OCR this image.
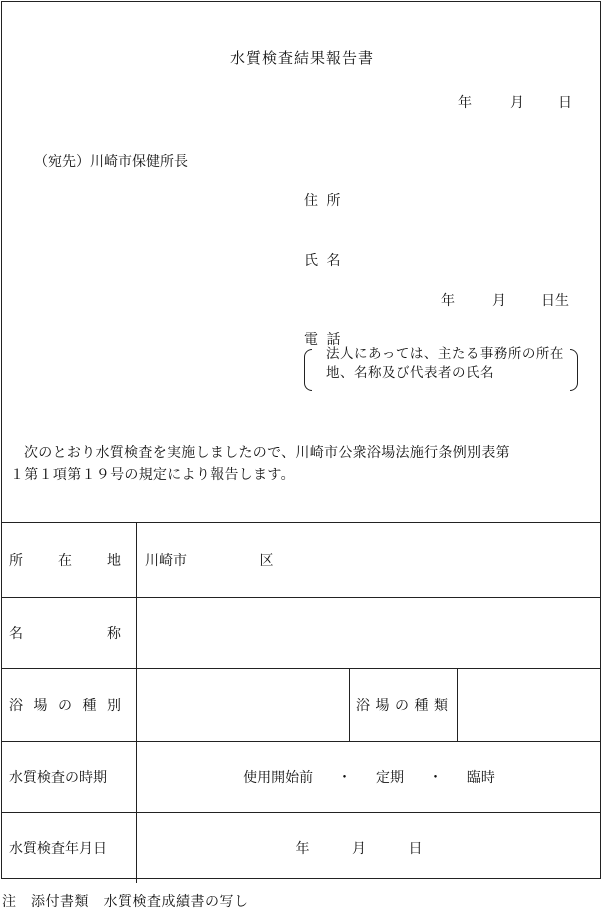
水質検査結果報告書
年	月 日
（宛先）川崎市保健所長
住 所
氏 名
年	月	日生
電 話
法人にあっては、主たる事務所の所在地、名称及び代表者の氏名
次のとおり水質検査を実施しましたので、川崎市公衆浴場法施行条例別表第
１第１項第１９号の規定により報告します。
所 在 地	川崎市 区		

名 称			

浴 場 の 種 別		浴 場 の 種 類	

水質検査の時期	使用開始前 ・ 定期 ・ 臨時		
水質検査年月日	年 月 日		
注　添付書類　水質検査成績書の写し
